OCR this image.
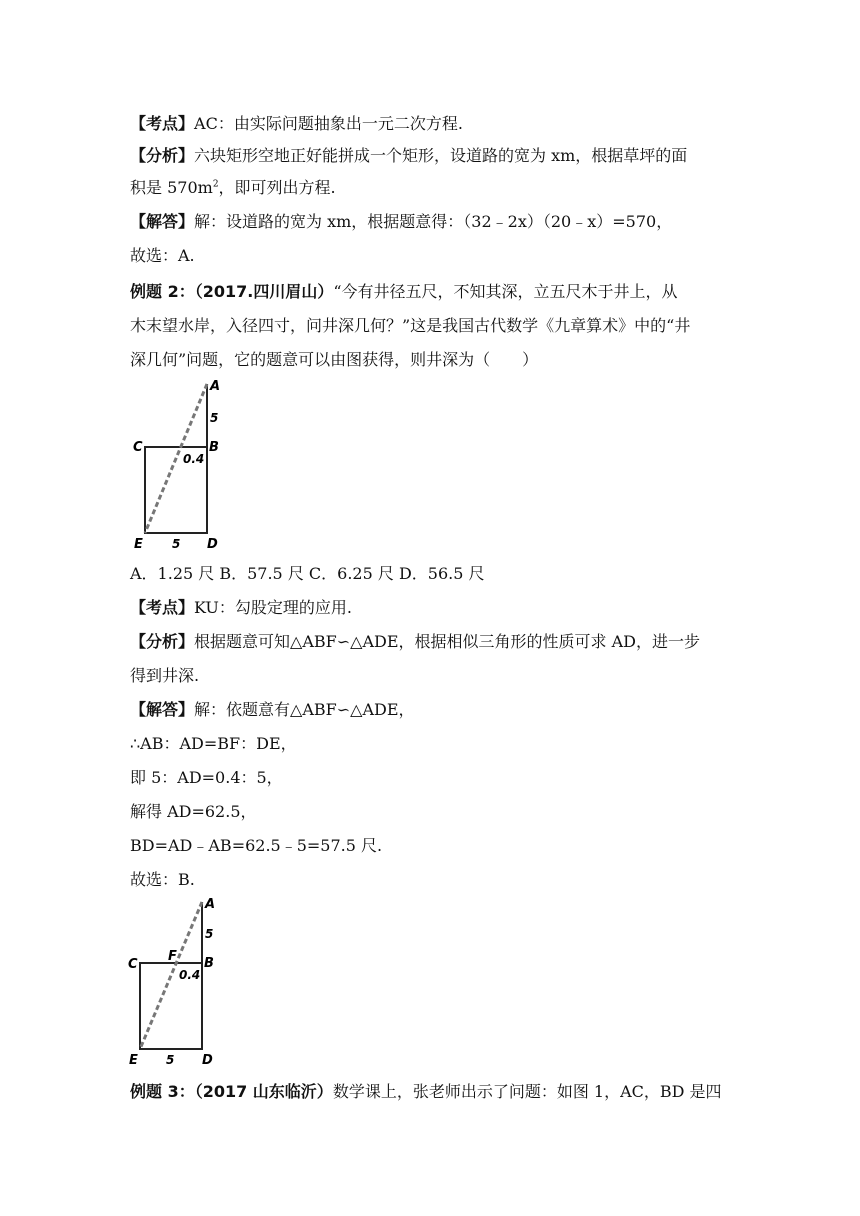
【考点】AC：由实际问题抽象出一元二次方程.
【分析】六块矩形空地正好能拼成一个矩形，设道路的宽为 xm，根据草坪的面
积是 $570m^2$，即可列出方程.
【解答】解：设道路的宽为 xm，根据题意得：（32﹣2x）（20﹣x）=570，
故选：A.
例题 2：（2017.四川眉山）“今有井径五尺，不知其深，立五尺木于井上，从
木末望水岸，入径四寸，问井深几何？”这是我国古代数学《九章算术》中的“井
深几何”问题，它的题意可以由图获得，则井深为（　　）
A
5
C	B
0.4
E 5 D
A．1.25 尺 B．57.5 尺 C．6.25 尺 D．56.5 尺
【考点】KU：勾股定理的应用.
【分析】根据题意可知△ABF∽△ADE，根据相似三角形的性质可求 AD，进一步
得到井深.
【解答】解：依题意有△ABF∽△ADE，
∴AB：AD=BF：DE，
即 5：AD=0.4：5，
解得 AD=62.5，
BD=AD﹣AB=62.5﹣5=57.5 尺.
故选：B.
A
5
C
F B
0.4
E 5 D
例题 3：（2017 山东临沂）数学课上，张老师出示了问题：如图 1，AC，BD 是四
